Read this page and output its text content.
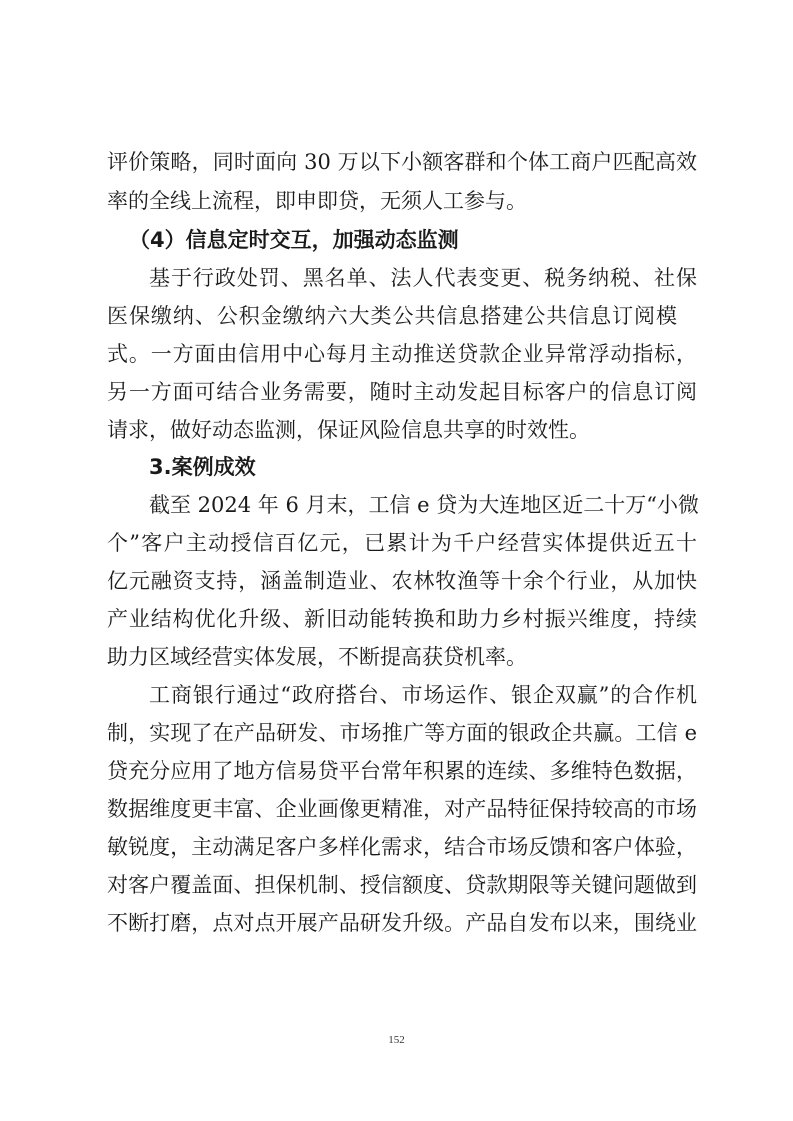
评价策略，同时面向 30 万以下小额客群和个体工商户匹配高效
率的全线上流程，即申即贷，无须人工参与。
（4）信息定时交互，加强动态监测
基于行政处罚、黑名单、法人代表变更、税务纳税、社保
医保缴纳、公积金缴纳六大类公共信息搭建公共信息订阅模
式。一方面由信用中心每月主动推送贷款企业异常浮动指标，
另一方面可结合业务需要，随时主动发起目标客户的信息订阅
请求，做好动态监测，保证风险信息共享的时效性。
3.案例成效
截至 2024 年 6 月末，工信 e 贷为大连地区近二十万“小微
个”客户主动授信百亿元，已累计为千户经营实体提供近五十
亿元融资支持，涵盖制造业、农林牧渔等十余个行业，从加快
产业结构优化升级、新旧动能转换和助力乡村振兴维度，持续
助力区域经营实体发展，不断提高获贷机率。
工商银行通过“政府搭台、市场运作、银企双赢”的合作机
制，实现了在产品研发、市场推广等方面的银政企共赢。工信 e
贷充分应用了地方信易贷平台常年积累的连续、多维特色数据，
数据维度更丰富、企业画像更精准，对产品特征保持较高的市场
敏锐度，主动满足客户多样化需求，结合市场反馈和客户体验，
对客户覆盖面、担保机制、授信额度、贷款期限等关键问题做到
不断打磨，点对点开展产品研发升级。产品自发布以来，围绕业
152
